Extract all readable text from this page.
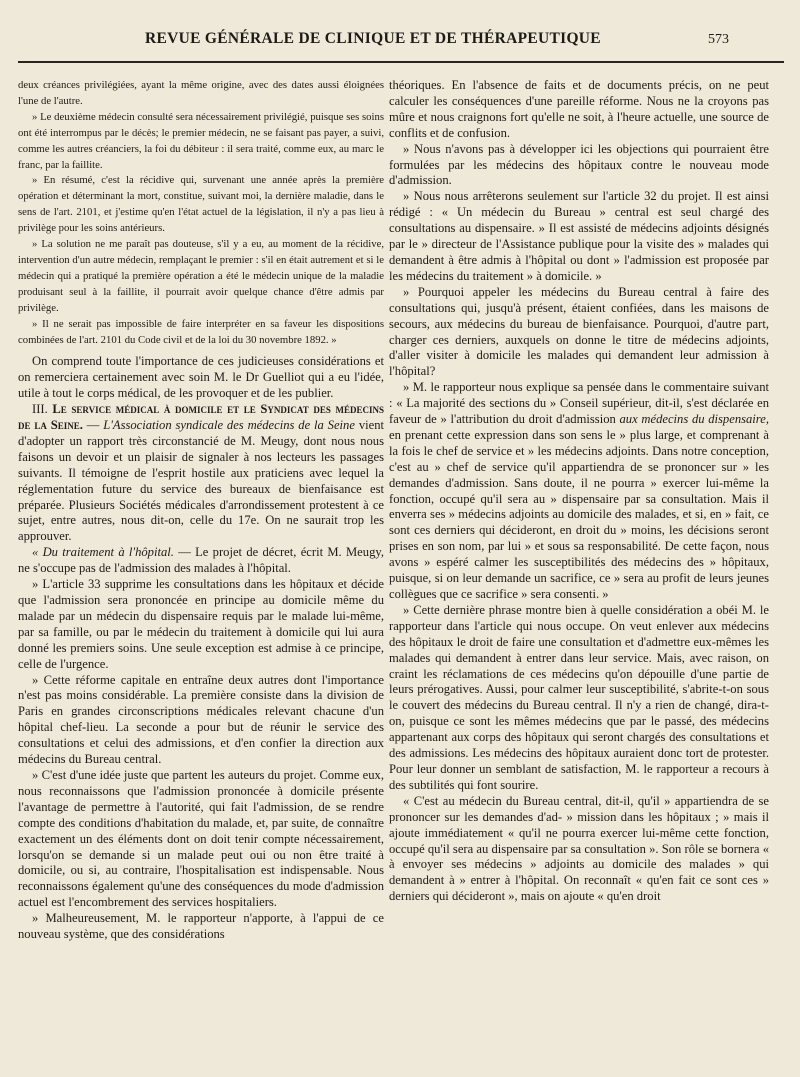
REVUE GÉNÉRALE DE CLINIQUE ET DE THÉRAPEUTIQUE	573

deux créances privilégiées, ayant la même origine, avec des dates aussi éloignées l'une de l'autre.

» Le deuxième médecin consulté sera nécessairement privilégié, puisque ses soins ont été interrompus par le décès; le premier médecin, ne se faisant pas payer, a suivi, comme les autres créanciers, la foi du débiteur : il sera traité, comme eux, au marc le franc, par la faillite.

» En résumé, c'est la récidive qui, survenant une année après la première opération et déterminant la mort, constitue, suivant moi, la dernière maladie, dans le sens de l'art. 2101, et j'estime qu'en l'état actuel de la législation, il n'y a pas lieu à privilège pour les soins antérieurs.

» La solution ne me paraît pas douteuse, s'il y a eu, au moment de la récidive, intervention d'un autre médecin, remplaçant le premier : s'il en était autrement et si le médecin qui a pratiqué la première opération a été le médecin unique de la maladie produisant seul à la faillite, il pourrait avoir quelque chance d'être admis par privilège.

» Il ne serait pas impossible de faire interpréter en sa faveur les dispositions combinées de l'art. 2101 du Code civil et de la loi du 30 novembre 1892. »

On comprend toute l'importance de ces judicieuses considérations et on remerciera certainement avec soin M. le Dr Guelliot qui a eu l'idée, utile à tout le corps médical, de les provoquer et de les publier.

III. Le service médical à domicile et le Syndicat des médecins de la Seine. — L'Association syndicale des médecins de la Seine vient d'adopter un rapport très circonstancié de M. Meugy, dont nous nous faisons un devoir et un plaisir de signaler à nos lecteurs les passages suivants. Il témoigne de l'esprit hostile aux praticiens avec lequel la réglementation future du service des bureaux de bienfaisance est préparée. Plusieurs Sociétés médicales d'arrondissement protestent à ce sujet, entre autres, nous dit-on, celle du 17e. On ne saurait trop les approuver.

« Du traitement à l'hôpital. — Le projet de décret, écrit M. Meugy, ne s'occupe pas de l'admission des malades à l'hôpital.

» L'article 33 supprime les consultations dans les hôpitaux et décide que l'admission sera prononcée en principe au domicile même du malade par un médecin du dispensaire requis par le malade lui-même, par sa famille, ou par le médecin du traitement à domicile qui lui aura donné les premiers soins. Une seule exception est admise à ce principe, celle de l'urgence.

» Cette réforme capitale en entraîne deux autres dont l'importance n'est pas moins considérable. La première consiste dans la division de Paris en grandes circonscriptions médicales relevant chacune d'un hôpital chef-lieu. La seconde a pour but de réunir le service des consultations et celui des admissions, et d'en confier la direction aux médecins du Bureau central.

» C'est d'une idée juste que partent les auteurs du projet. Comme eux, nous reconnaissons que l'admission prononcée à domicile présente l'avantage de permettre à l'autorité, qui fait l'admission, de se rendre compte des conditions d'habitation du malade, et, par suite, de connaître exactement un des éléments dont on doit tenir compte nécessairement, lorsqu'on se demande si un malade peut oui ou non être traité à domicile, ou si, au contraire, l'hospitalisation est indispensable. Nous reconnaissons également qu'une des conséquences du mode d'admission actuel est l'encombrement des services hospitaliers.

» Malheureusement, M. le rapporteur n'apporte, à l'appui de ce nouveau système, que des considérations

théoriques. En l'absence de faits et de documents précis, on ne peut calculer les conséquences d'une pareille réforme. Nous ne la croyons pas mûre et nous craignons fort qu'elle ne soit, à l'heure actuelle, une source de conflits et de confusion.

» Nous n'avons pas à développer ici les objections qui pourraient être formulées par les médecins des hôpitaux contre le nouveau mode d'admission.

» Nous nous arrêterons seulement sur l'article 32 du projet. Il est ainsi rédigé : « Un médecin du Bureau » central est seul chargé des consultations au dispensaire. » Il est assisté de médecins adjoints désignés par le » directeur de l'Assistance publique pour la visite des » malades qui demandent à être admis à l'hôpital ou dont » l'admission est proposée par les médecins du traitement » à domicile. »

» Pourquoi appeler les médecins du Bureau central à faire des consultations qui, jusqu'à présent, étaient confiées, dans les maisons de secours, aux médecins du bureau de bienfaisance. Pourquoi, d'autre part, charger ces derniers, auxquels on donne le titre de médecins adjoints, d'aller visiter à domicile les malades qui demandent leur admission à l'hôpital?

» M. le rapporteur nous explique sa pensée dans le commentaire suivant : « La majorité des sections du » Conseil supérieur, dit-il, s'est déclarée en faveur de » l'attribution du droit d'admission aux médecins du dispensaire, en prenant cette expression dans son sens le » plus large, et comprenant à la fois le chef de service et » les médecins adjoints. Dans notre conception, c'est au » chef de service qu'il appartiendra de se prononcer sur » les demandes d'admission. Sans doute, il ne pourra » exercer lui-même la fonction, occupé qu'il sera au » dispensaire par sa consultation. Mais il enverra ses » médecins adjoints au domicile des malades, et si, en » fait, ce sont ces derniers qui décideront, en droit du » moins, les décisions seront prises en son nom, par lui » et sous sa responsabilité. De cette façon, nous avons » espéré calmer les susceptibilités des médecins des » hôpitaux, puisque, si on leur demande un sacrifice, ce » sera au profit de leurs jeunes collègues que ce sacrifice » sera consenti. »

» Cette dernière phrase montre bien à quelle considération a obéi M. le rapporteur dans l'article qui nous occupe. On veut enlever aux médecins des hôpitaux le droit de faire une consultation et d'admettre eux-mêmes les malades qui demandent à entrer dans leur service. Mais, avec raison, on craint les réclamations de ces médecins qu'on dépouille d'une partie de leurs prérogatives. Aussi, pour calmer leur susceptibilité, s'abrite-t-on sous le couvert des médecins du Bureau central. Il n'y a rien de changé, dira-t-on, puisque ce sont les mêmes médecins que par le passé, des médecins appartenant aux corps des hôpitaux qui seront chargés des consultations et des admissions. Les médecins des hôpitaux auraient donc tort de protester. Pour leur donner un semblant de satisfaction, M. le rapporteur a recours à des subtilités qui font sourire.

« C'est au médecin du Bureau central, dit-il, qu'il » appartiendra de se prononcer sur les demandes d'ad- » mission dans les hôpitaux ; » mais il ajoute immédiatement « qu'il ne pourra exercer lui-même cette fonction, occupé qu'il sera au dispensaire par sa consultation ». Son rôle se bornera « à envoyer ses médecins » adjoints au domicile des malades » qui demandent à » entrer à l'hôpital. On reconnaît « qu'en fait ce sont ces » derniers qui décideront », mais on ajoute « qu'en droit
